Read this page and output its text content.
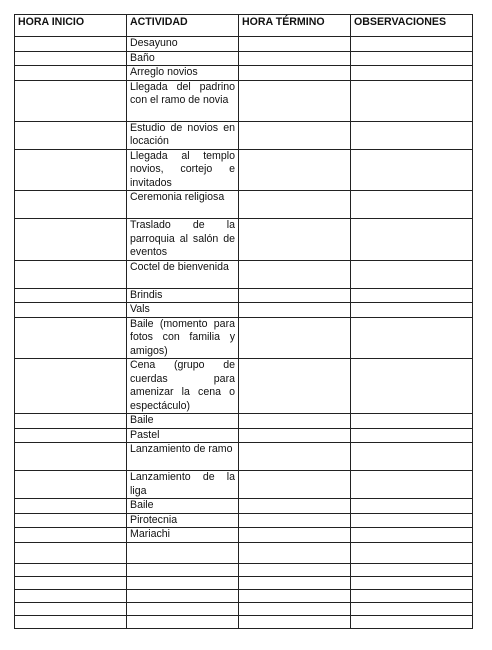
HORA INICIO	ACTIVIDAD	HORA TÉRMINO	OBSERVACIONES
	Desayuno		
	Baño		
	Arreglo novios		
	Llegada del padrino con el ramo de novia		
	Estudio de novios en locación		
	Llegada al templo novios, cortejo e invitados		
	Ceremonia religiosa		
	Traslado de la parroquia al salón de eventos		
	Coctel de bienvenida		
	Brindis		
	Vals		
	Baile (momento para fotos con familia y amigos)		
	Cena (grupo de cuerdas para amenizar la cena o espectáculo)		
	Baile		
	Pastel		
	Lanzamiento de ramo		
	Lanzamiento de la liga		
	Baile		
	Pirotecnia		
	Mariachi		
